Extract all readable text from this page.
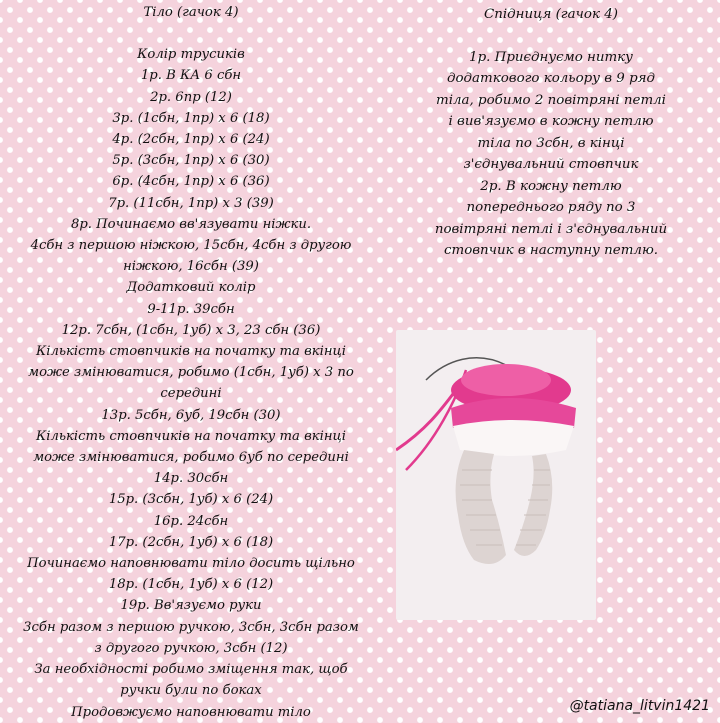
Тіло (гачок 4)
Колір трусиків
1р. В КА 6 сбн
2р. 6пр (12)
3р. (1сбн, 1пр) х 6 (18)
4р. (2сбн, 1пр) х 6 (24)
5р. (3сбн, 1пр) х 6 (30)
6р. (4сбн, 1пр) х 6 (36)
7р. (11сбн, 1пр) х 3 (39)
8р. Починаємо вв'язувати ніжки.
4сбн з першою ніжкою, 15сбн, 4сбн з другою
ніжкою, 16сбн (39)
Додатковий колір
9-11р. 39сбн
12р. 7сбн, (1сбн, 1уб) х 3, 23 сбн (36)
Кількість стовпчиків на початку та вкінці
може змінюватися, робимо (1сбн, 1уб) х 3 по
середині
13р. 5сбн, 6уб, 19сбн (30)
Кількість стовпчиків на початку та вкінці
може змінюватися, робимо 6уб по середині
14р. 30сбн
15р. (3сбн, 1уб) х 6 (24)
16р. 24сбн
17р. (2сбн, 1уб) х 6 (18)
Починаємо наповнювати тіло досить щільно
18р. (1сбн, 1уб) х 6 (12)
19р. Вв'язуємо руки
3сбн разом з першою ручкою, 3сбн, 3сбн разом
з другого ручкою, 3сбн (12)
За необхідності робимо зміщення так, щоб
ручки були по боках
Продовжуємо наповнювати тіло
Спідниця (гачок 4)
1р. Приєднуємо нитку
додаткового кольору в 9 ряд
тіла, робимо 2 повітряні петлі
і вив'язуємо в кожну петлю
тіла по 3сбн, в кінці
з'єднувальний стовпчик
2р. В кожну петлю
попереднього ряду по 3
повітряні петлі і з'єднувальний
стовпчик в наступну петлю.
@tatiana_litvin1421
